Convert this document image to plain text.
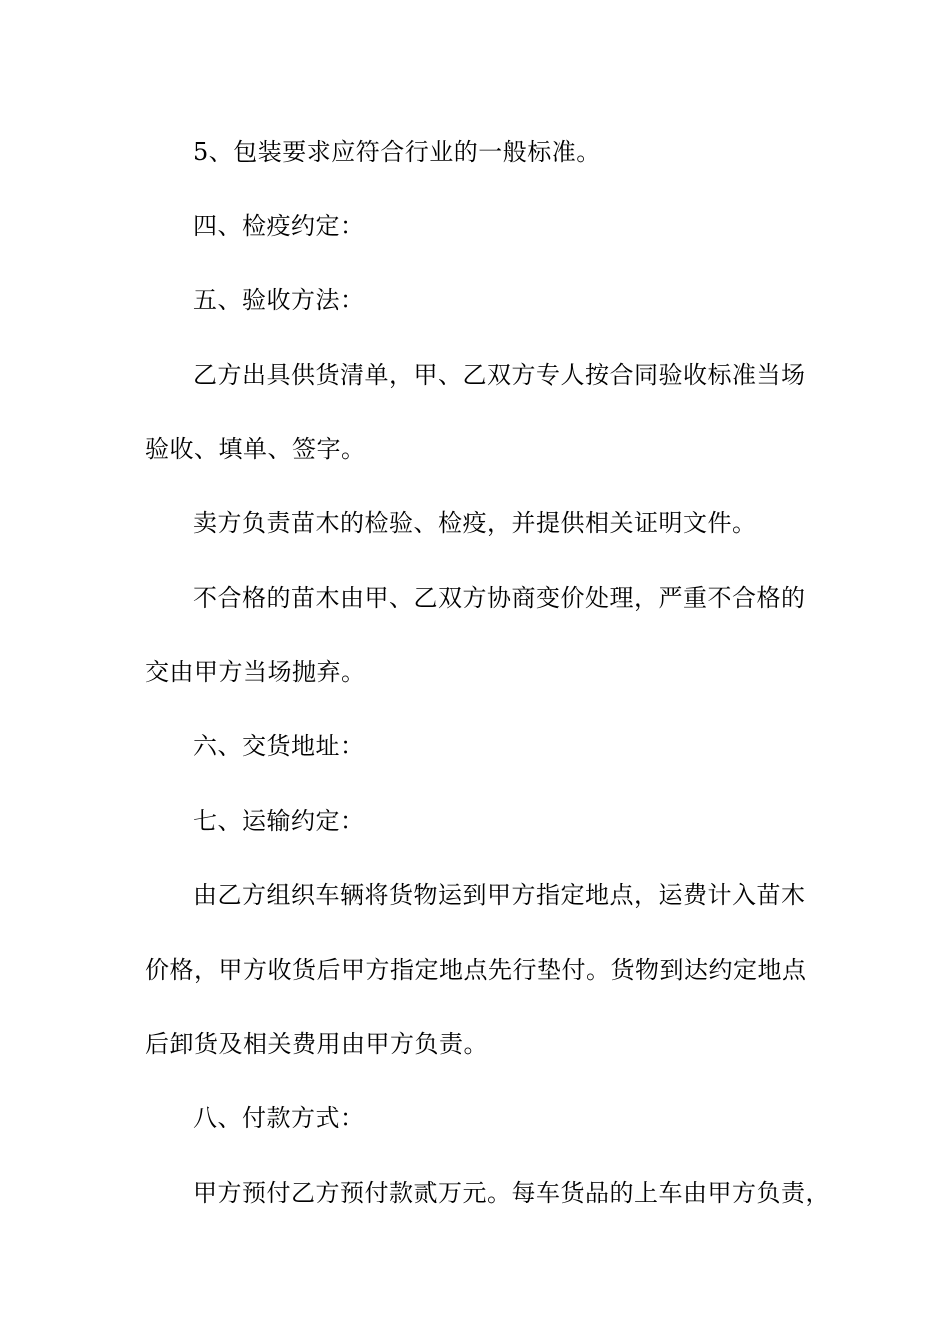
5、包装要求应符合行业的一般标准。
四、检疫约定：
五、验收方法：
乙方出具供货清单，甲、乙双方专人按合同验收标准当场
验收、填单、签字。
卖方负责苗木的检验、检疫，并提供相关证明文件。
不合格的苗木由甲、乙双方协商变价处理，严重不合格的
交由甲方当场抛弃。
六、交货地址：
七、运输约定：
由乙方组织车辆将货物运到甲方指定地点，运费计入苗木
价格，甲方收货后甲方指定地点先行垫付。货物到达约定地点
后卸货及相关费用由甲方负责。
八、付款方式：
甲方预付乙方预付款贰万元。每车货品的上车由甲方负责，
